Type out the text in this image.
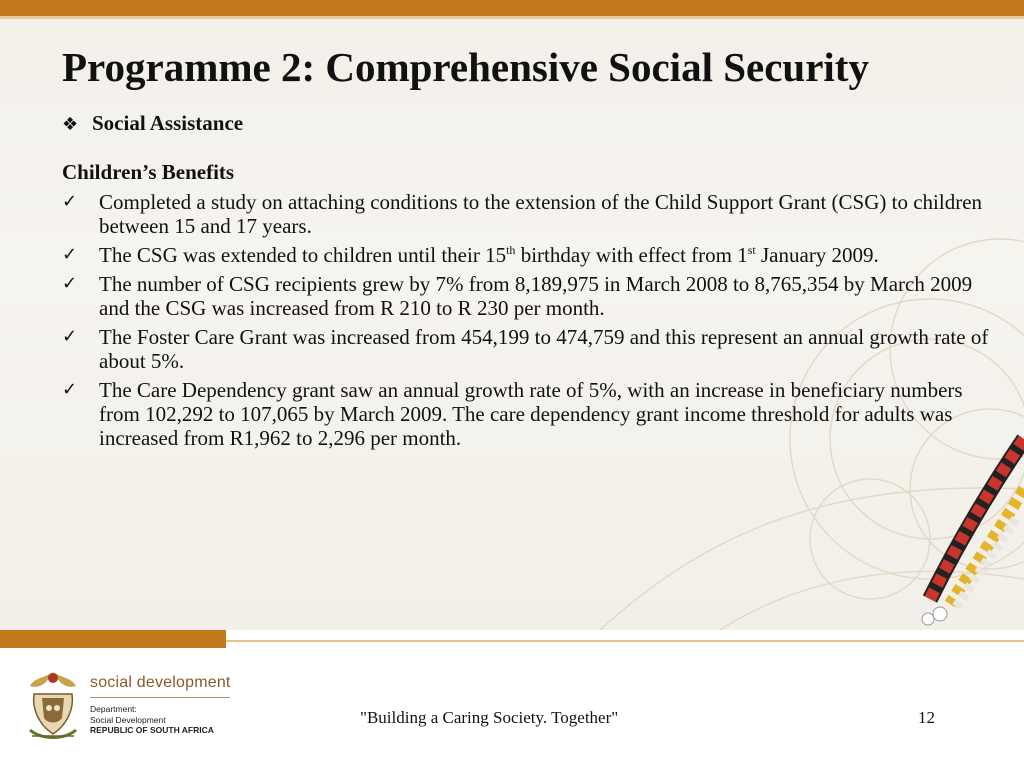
Programme 2: Comprehensive Social Security
❖ Social Assistance
Children’s Benefits
✓ Completed a study on attaching conditions to the extension of the Child Support Grant (CSG) to children between 15 and 17 years.
✓ The CSG was extended to children until their 15th birthday with effect from 1st January 2009.
✓ The number of CSG recipients grew by 7% from 8,189,975 in March 2008 to 8,765,354 by March 2009 and the CSG was increased from R 210 to R 230 per month.
✓ The Foster Care Grant was increased from 454,199 to 474,759 and this represent an annual growth rate of about 5%.
✓ The Care Dependency grant saw an annual growth rate of 5%, with an increase in beneficiary numbers from 102,292 to 107,065 by March 2009. The care dependency grant income threshold for adults was increased from R1,962 to 2,296 per month.
social development
Department:
Social Development
REPUBLIC OF SOUTH AFRICA
"Building a Caring Society. Together"	12
